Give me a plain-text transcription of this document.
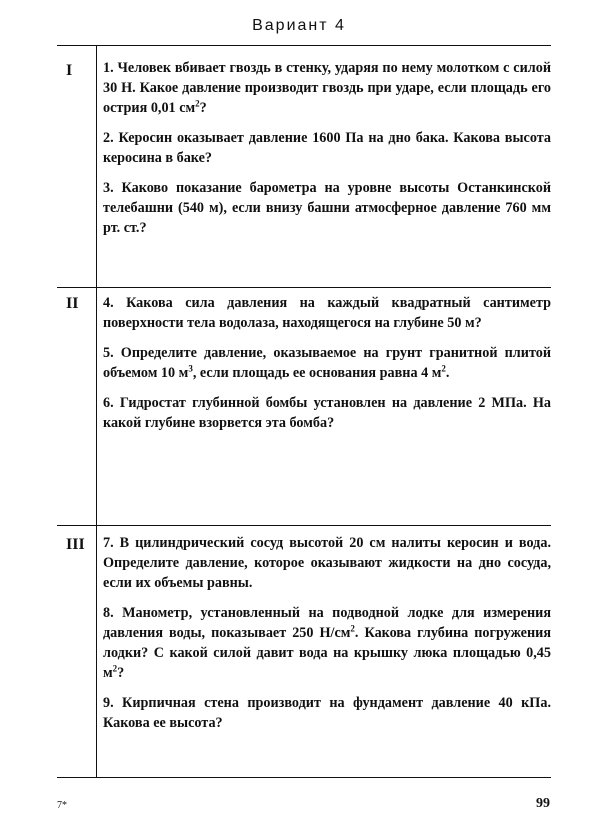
Вариант 4
I 1. Человек вбивает гвоздь в стенку, ударяя по нему молотком с силой 30 Н. Какое давление производит гвоздь при ударе, если площадь его острия 0,01 $см^2$?

2. Керосин оказывает давление 1600 Па на дно бака. Какова высота керосина в баке?

3. Каково показание барометра на уровне высоты Останкинской телебашни (540 м), если внизу башни атмосферное давление 760 мм рт. ст.?

II 4. Какова сила давления на каждый квадратный сантиметр поверхности тела водолаза, находящегося на глубине 50 м?

5. Определите давление, оказываемое на грунт гранитной плитой объемом 10 $м^3$, если площадь ее основания равна 4 $м^2$.

6. Гидростат глубинной бомбы установлен на давление 2 МПа. На какой глубине взорвется эта бомба?

III 7. В цилиндрический сосуд высотой 20 см налиты керосин и вода. Определите давление, которое оказывают жидкости на дно сосуда, если их объемы равны.

8. Манометр, установленный на подводной лодке для измерения давления воды, показывает 250 $Н/см^2$. Какова глубина погружения лодки? С какой силой давит вода на крышку люка площадью 0,45 $м^2$?

9. Кирпичная стена производит на фундамент давление 40 кПа. Какова ее высота?

7*	99
